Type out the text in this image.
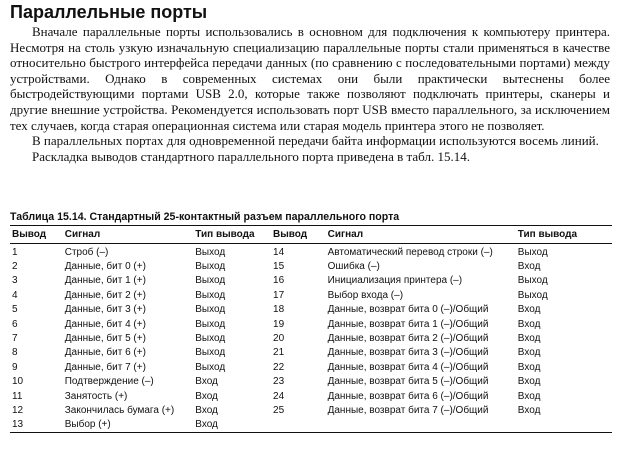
Параллельные порты

Вначале параллельные порты использовались в основном для подключения к компьютеру принтера. Несмотря на столь узкую изначальную специализацию параллельные порты стали применяться в качестве относительно быстрого интерфейса передачи данных (по сравнению с последовательными портами) между устройствами. Однако в современных системах они были практически вытеснены более быстродействующими портами USB 2.0, которые также позволяют подключать принтеры, сканеры и другие внешние устройства. Рекомендуется использовать порт USB вместо параллельного, за исключением тех случаев, когда старая операционная система или старая модель принтера этого не позволяет.

В параллельных портах для одновременной передачи байта информации используются восемь линий.

Раскладка выводов стандартного параллельного порта приведена в табл. 15.14.

Таблица 15.14. Стандартный 25-контактный разъем параллельного порта
Вывод	Сигнал	Тип вывода	Вывод	Сигнал	Тип вывода
1	Строб (–)	Выход	14	Автоматический перевод строки (–)	Выход
2	Данные, бит 0 (+)	Выход	15	Ошибка (–)	Вход
3	Данные, бит 1 (+)	Выход	16	Инициализация принтера (–)	Выход
4	Данные, бит 2 (+)	Выход	17	Выбор входа (–)	Выход
5	Данные, бит 3 (+)	Выход	18	Данные, возврат бита 0 (–)/Общий	Вход
6	Данные, бит 4 (+)	Выход	19	Данные, возврат бита 1 (–)/Общий	Вход
7	Данные, бит 5 (+)	Выход	20	Данные, возврат бита 2 (–)/Общий	Вход
8	Данные, бит 6 (+)	Выход	21	Данные, возврат бита 3 (–)/Общий	Вход
9	Данные, бит 7 (+)	Выход	22	Данные, возврат бита 4 (–)/Общий	Вход
10	Подтверждение (–)	Вход	23	Данные, возврат бита 5 (–)/Общий	Вход
11	Занятость (+)	Вход	24	Данные, возврат бита 6 (–)/Общий	Вход
12	Закончилась бумага (+)	Вход	25	Данные, возврат бита 7 (–)/Общий	Вход
13	Выбор (+)	Вход			
